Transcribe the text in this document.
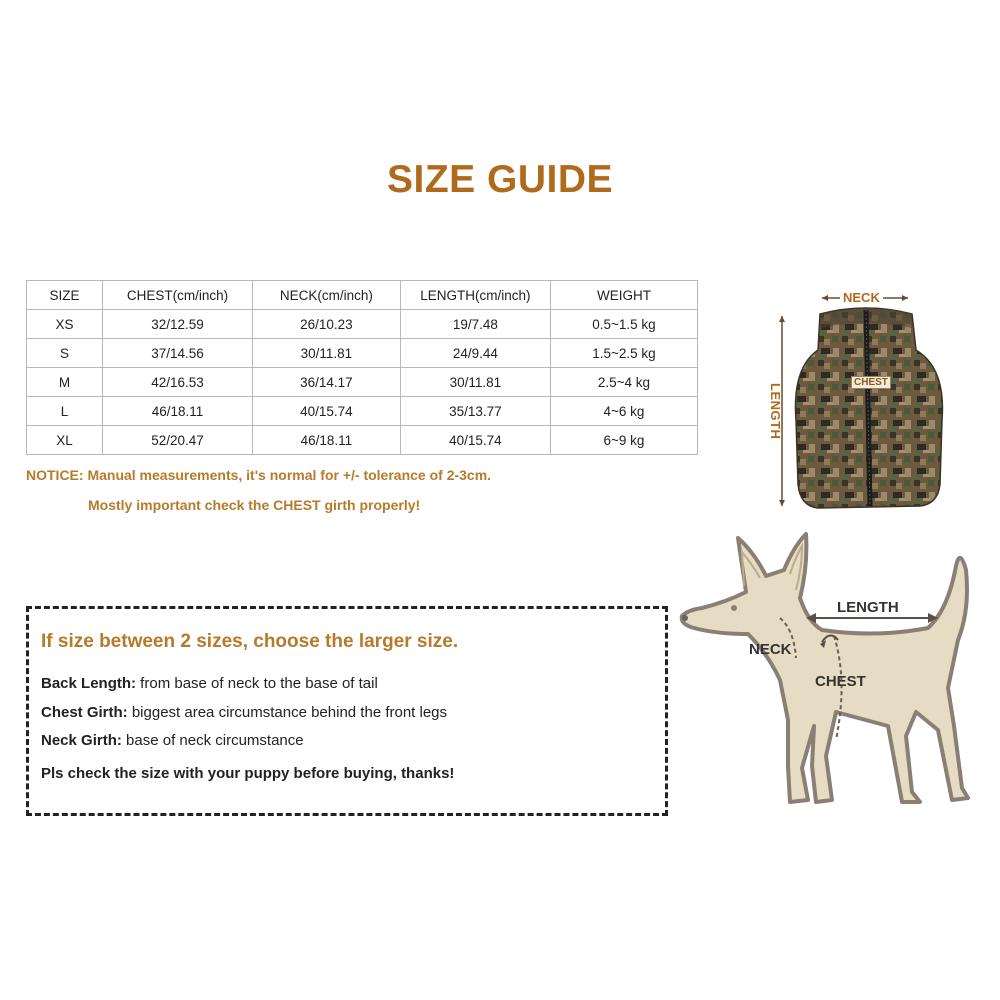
SIZE GUIDE
SIZE	CHEST(cm/inch)	NECK(cm/inch)	LENGTH(cm/inch)	WEIGHT
XS	32/12.59	26/10.23	19/7.48	0.5~1.5 kg
S	37/14.56	30/11.81	24/9.44	1.5~2.5 kg
M	42/16.53	36/14.17	30/11.81	2.5~4 kg
L	46/18.11	40/15.74	35/13.77	4~6 kg
XL	52/20.47	46/18.11	40/15.74	6~9 kg
NOTICE: Manual measurements, it's normal for +/- tolerance of 2-3cm.
Mostly important check the CHEST girth properly!
If size between 2 sizes, choose the larger size.
Back Length: from base of neck to the base of tail
Chest Girth: biggest area circumstance behind the front legs
Neck Girth: base of neck circumstance
Pls check the size with your puppy before buying, thanks!
NECK
LENGTH
CHEST
LENGTH
NECK
CHEST
